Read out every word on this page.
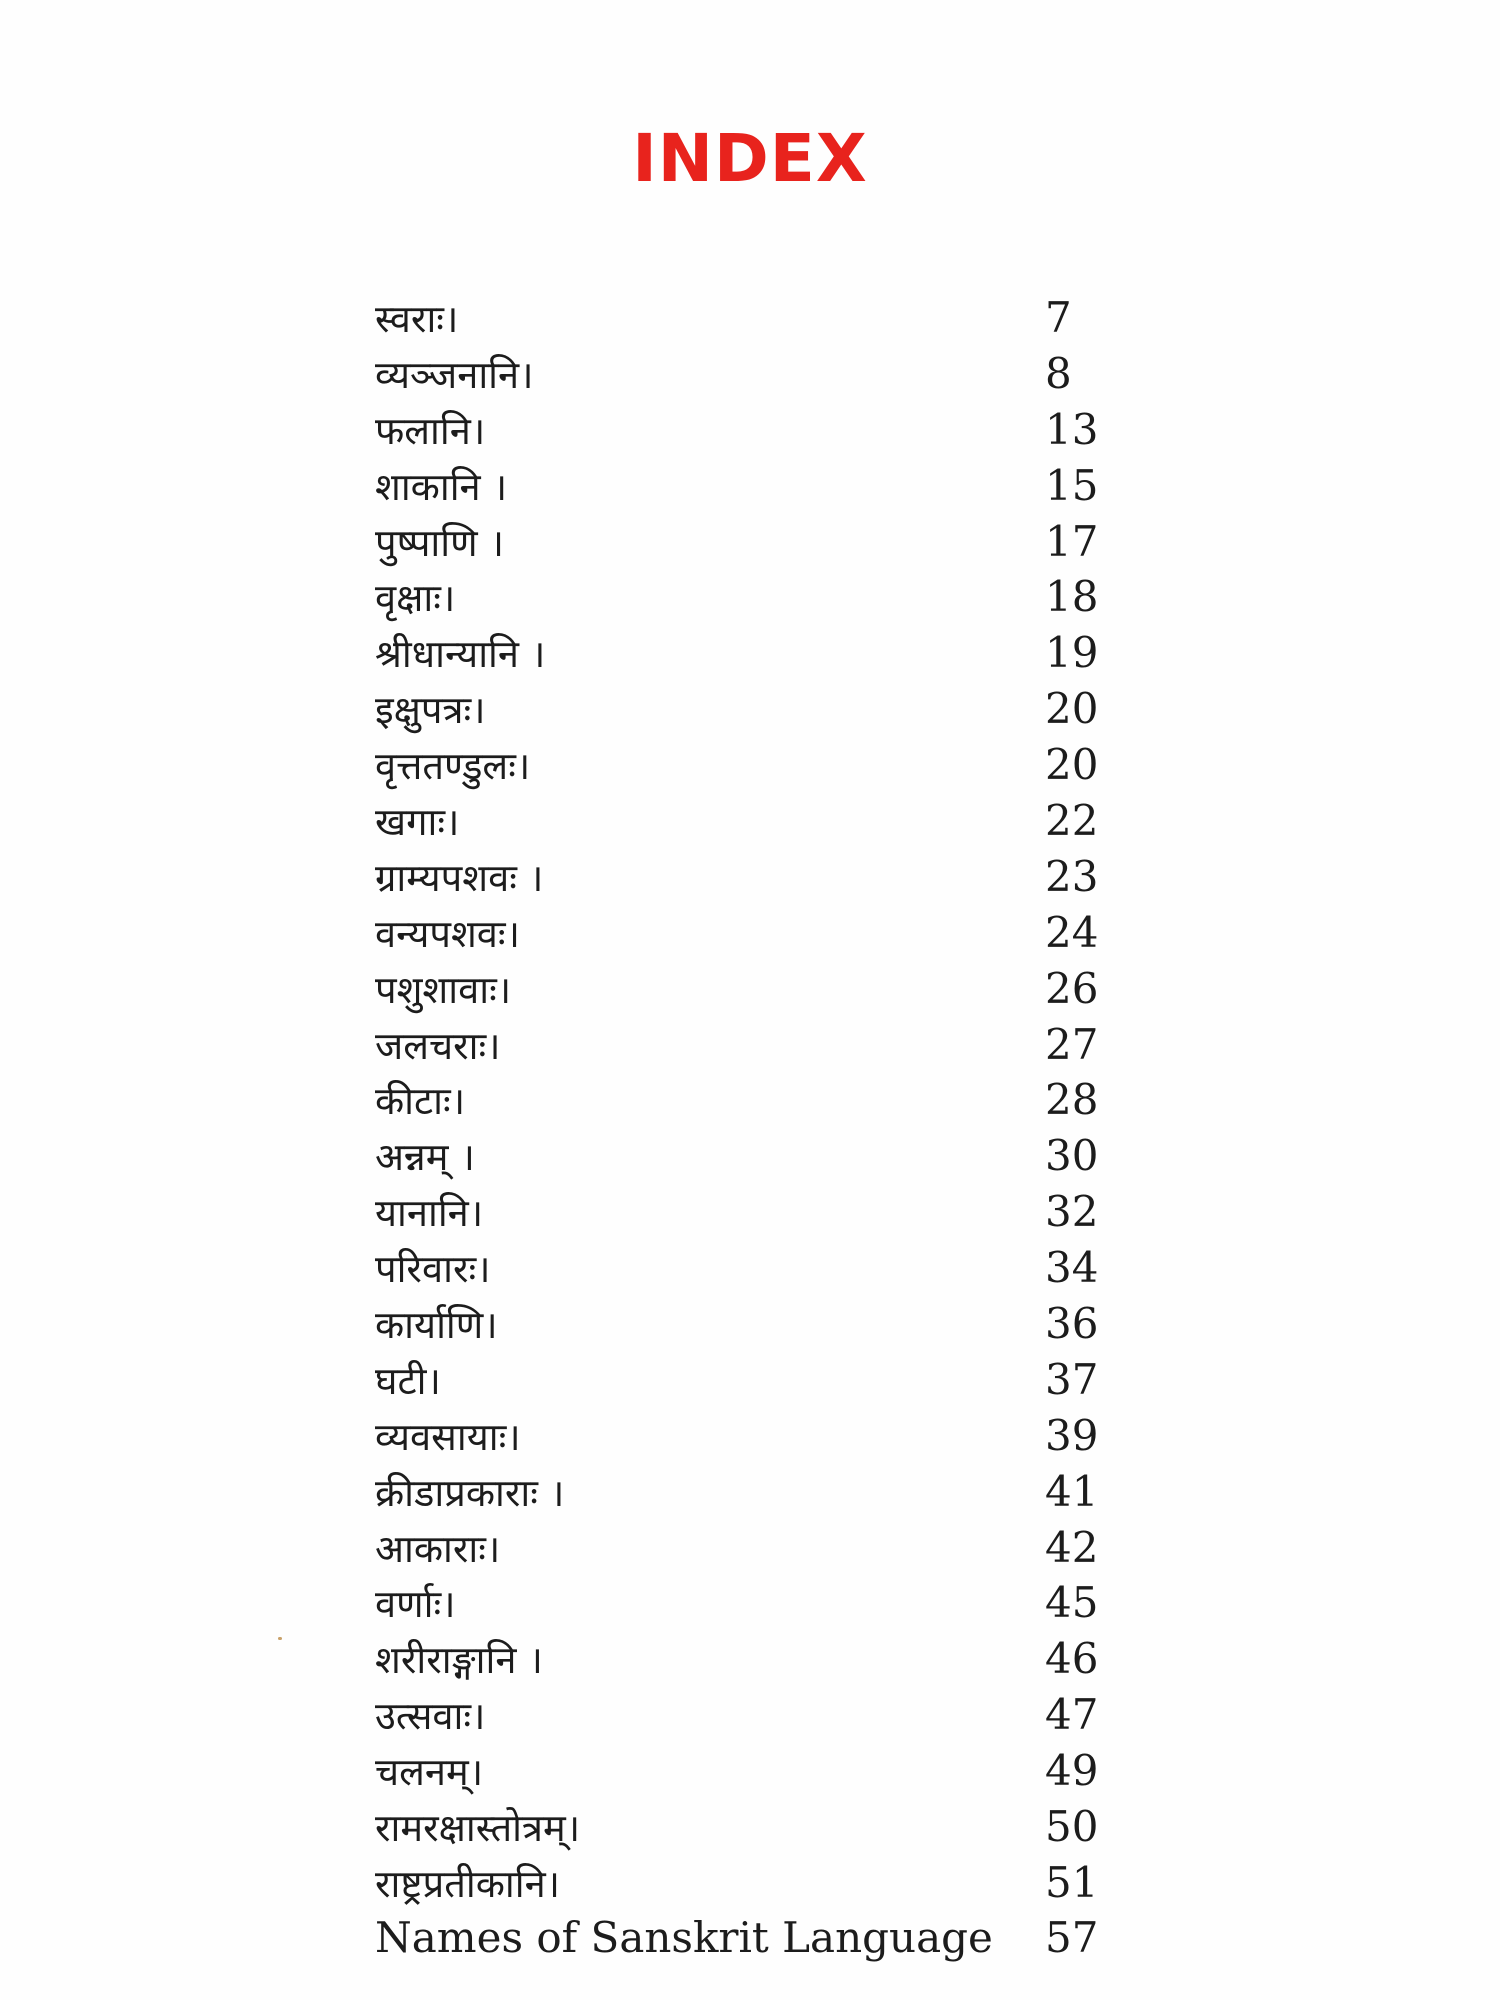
INDEX
स्वराः।	7
व्यञ्जनानि।	8
फलानि।	13
शाकानि ।	15
पुष्पाणि ।	17
वृक्षाः।	18
श्रीधान्यानि ।	19
इक्षुपत्रः।	20
वृत्ततण्डुलः।	20
खगाः।	22
ग्राम्यपशवः ।	23
वन्यपशवः।	24
पशुशावाः।	26
जलचराः।	27
कीटाः।	28
अन्नम् ।	30
यानानि।	32
परिवारः।	34
कार्याणि।	36
घटी।	37
व्यवसायाः।	39
क्रीडाप्रकाराः ।	41
आकाराः।	42
वर्णाः।	45
शरीराङ्गानि ।	46
उत्सवाः।	47
चलनम्।	49
रामरक्षास्तोत्रम्।	50
राष्ट्रप्रतीकानि।	51
Names of Sanskrit Language 57
